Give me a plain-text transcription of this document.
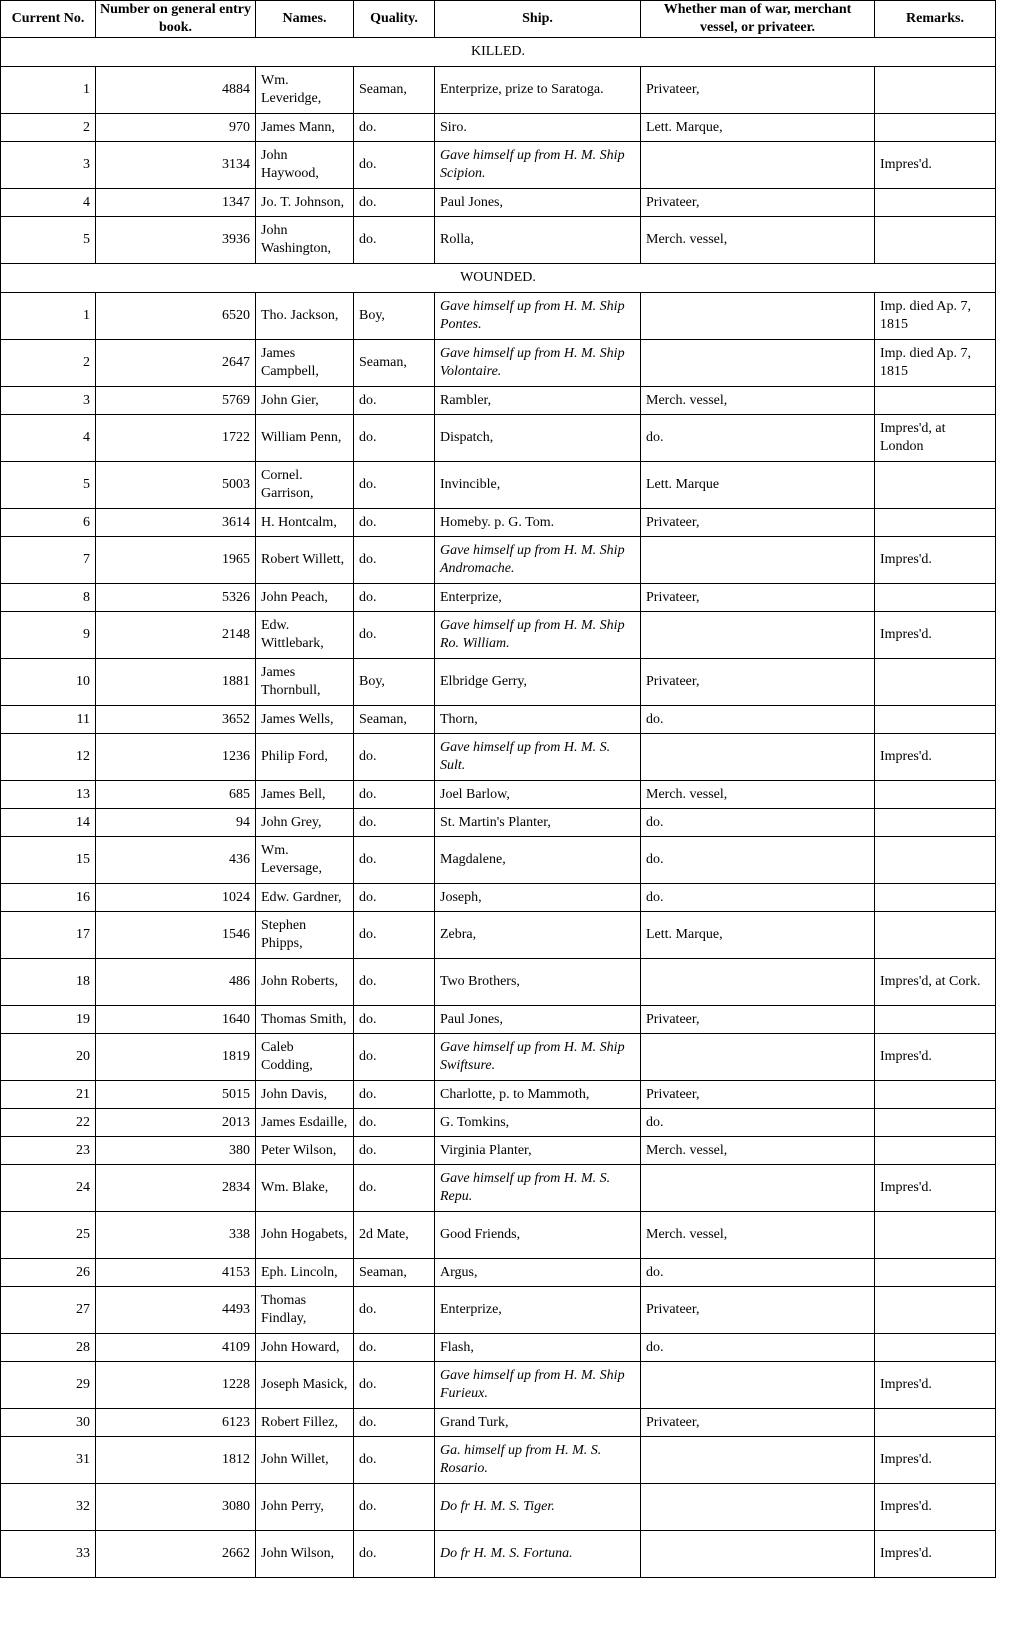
Current No.	Number on general entry book.	Names.	Quality.	Ship.	Whether man of war, merchant vessel, or privateer.	Remarks.
KILLED.						
1	4884	Wm. Leveridge,	Seaman,	Enterprize, prize to Saratoga.	Privateer,	
2	970	James Mann,	do.	Siro.	Lett. Marque,	
3	3134	John Haywood,	do.	Gave himself up from H. M. Ship Scipion.		Impres'd.
4	1347	Jo. T. Johnson,	do.	Paul Jones,	Privateer,	
5	3936	John Washington,	do.	Rolla,	Merch. vessel,	
WOUNDED.						
1	6520	Tho. Jackson,	Boy,	Gave himself up from H. M. Ship Pontes.		Imp. died Ap. 7, 1815
2	2647	James Campbell,	Seaman,	Gave himself up from H. M. Ship Volontaire.		Imp. died Ap. 7, 1815
3	5769	John Gier,	do.	Rambler,	Merch. vessel,	
4	1722	William Penn,	do.	Dispatch,	do.	Impres'd, at London
5	5003	Cornel. Garrison,	do.	Invincible,	Lett. Marque	
6	3614	H. Hontcalm,	do.	Homeby. p. G. Tom.	Privateer,	
7	1965	Robert Willett,	do.	Gave himself up from H. M. Ship Andromache.		Impres'd.
8	5326	John Peach,	do.	Enterprize,	Privateer,	
9	2148	Edw. Wittlebark,	do.	Gave himself up from H. M. Ship Ro. William.		Impres'd.
10	1881	James Thornbull,	Boy,	Elbridge Gerry,	Privateer,	
11	3652	James Wells,	Seaman,	Thorn,	do.	
12	1236	Philip Ford,	do.	Gave himself up from H. M. S. Sult.		Impres'd.
13	685	James Bell,	do.	Joel Barlow,	Merch. vessel,	
14	94	John Grey,	do.	St. Martin's Planter,	do.	
15	436	Wm. Leversage,	do.	Magdalene,	do.	
16	1024	Edw. Gardner,	do.	Joseph,	do.	
17	1546	Stephen Phipps,	do.	Zebra,	Lett. Marque,	
18	486	John Roberts,	do.	Two Brothers,		Impres'd, at Cork.
19	1640	Thomas Smith,	do.	Paul Jones,	Privateer,	
20	1819	Caleb Codding,	do.	Gave himself up from H. M. Ship Swiftsure.		Impres'd.
21	5015	John Davis,	do.	Charlotte, p. to Mammoth,	Privateer,	
22	2013	James Esdaille,	do.	G. Tomkins,	do.	
23	380	Peter Wilson,	do.	Virginia Planter,	Merch. vessel,	
24	2834	Wm. Blake,	do.	Gave himself up from H. M. S. Repu.		Impres'd.
25	338	John Hogabets,	2d Mate,	Good Friends,	Merch. vessel,	
26	4153	Eph. Lincoln,	Seaman,	Argus,	do.	
27	4493	Thomas Findlay,	do.	Enterprize,	Privateer,	
28	4109	John Howard,	do.	Flash,	do.	
29	1228	Joseph Masick,	do.	Gave himself up from H. M. Ship Furieux.		Impres'd.
30	6123	Robert Fillez,	do.	Grand Turk,	Privateer,	
31	1812	John Willet,	do.	Ga. himself up from H. M. S. Rosario.		Impres'd.
32	3080	John Perry,	do.	Do fr H. M. S. Tiger.		Impres'd.
33	2662	John Wilson,	do.	Do fr H. M. S. Fortuna.		Impres'd.
